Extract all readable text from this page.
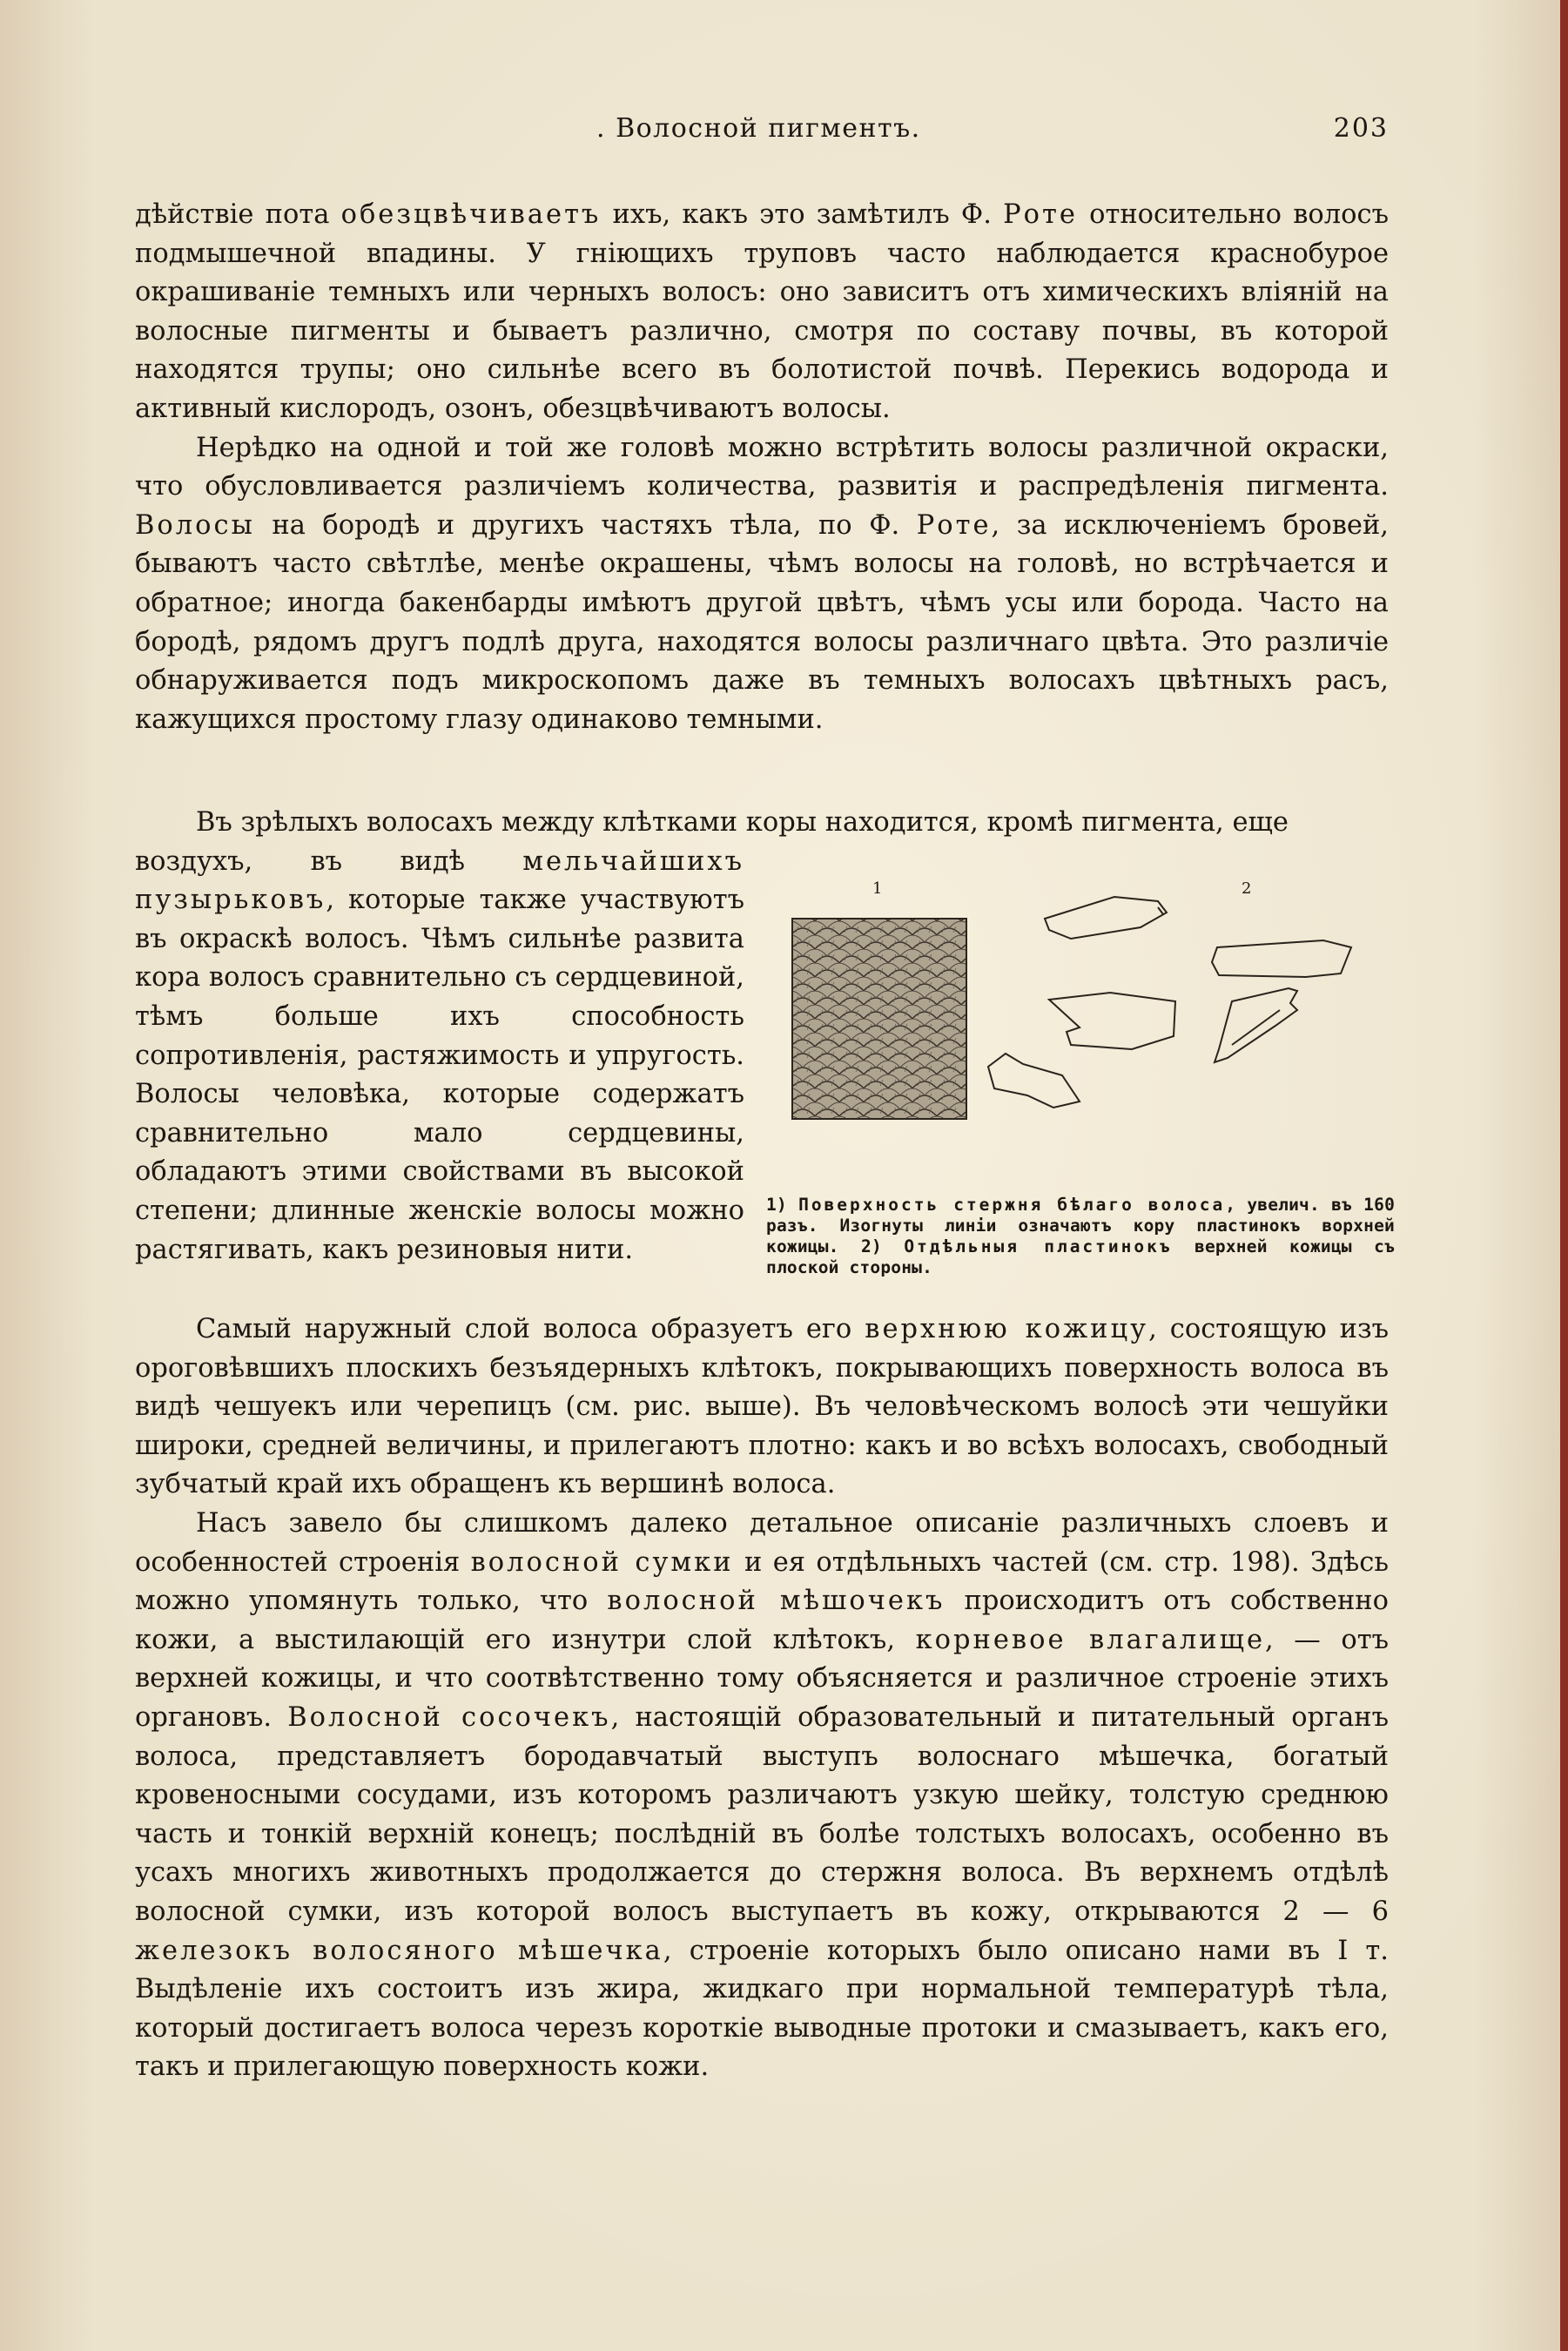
. Волосной пигментъ.	203

дѣйствіе пота обезцвѣчиваетъ ихъ, какъ это замѣтилъ Ф. Роте относительно волосъ подмышечной впадины. У гніющихъ труповъ часто наблюдается краснобурое окрашиваніе темныхъ или черныхъ волосъ: оно зависитъ отъ химическихъ вліяній на волосные пигменты и бываетъ различно, смотря по составу почвы, въ которой находятся трупы; оно сильнѣе всего въ болотистой почвѣ. Перекись водорода и активный кислородъ, озонъ, обезцвѣчиваютъ волосы.

Нерѣдко на одной и той же головѣ можно встрѣтить волосы различной окраски, что обусловливается различіемъ количества, развитія и распредѣленія пигмента. Волосы на бородѣ и другихъ частяхъ тѣла, по Ф. Роте, за исключеніемъ бровей, бываютъ часто свѣтлѣе, менѣе окрашены, чѣмъ волосы на головѣ, но встрѣчается и обратное; иногда бакенбарды имѣютъ другой цвѣтъ, чѣмъ усы или борода. Часто на бородѣ, рядомъ другъ подлѣ друга, находятся волосы различнаго цвѣта. Это различіе обнаруживается подъ микроскопомъ даже въ темныхъ волосахъ цвѣтныхъ расъ, кажущихся простому глазу одинаково темными.

Въ зрѣлыхъ волосахъ между клѣтками коры находится, кромѣ пигмента, еще

воздухъ, въ видѣ мельчайшихъ пузырьковъ, которые также участвуютъ въ окраскѣ волосъ. Чѣмъ сильнѣе развита кора волосъ сравнительно съ сердцевиной, тѣмъ больше ихъ способность сопротивленія, растяжимость и упругость. Волосы человѣка, которые содержатъ сравнительно мало сердцевины, обладаютъ этими свойствами въ высокой степени; длинные женскіе волосы можно растягивать, какъ резиновыя нити.
1	2
1) Поверхность стержня бѣлаго волоса, увелич. въ 160 разъ. Изогнуты линіи означаютъ кору пластинокъ ворхней кожицы. 2) Отдѣльныя пластинокъ верхней кожицы съ плоской стороны.

Самый наружный слой волоса образуетъ его верхнюю кожицу, состоящую изъ ороговѣвшихъ плоскихъ безъядерныхъ клѣтокъ, покрывающихъ поверхность волоса въ видѣ чешуекъ или черепицъ (см. рис. выше). Въ человѣческомъ волосѣ эти чешуйки широки, средней величины, и прилегаютъ плотно: какъ и во всѣхъ волосахъ, свободный зубчатый край ихъ обращенъ къ вершинѣ волоса.

Насъ завело бы слишкомъ далеко детальное описаніе различныхъ слоевъ и особенностей строенія волосной сумки и ея отдѣльныхъ частей (см. стр. 198). Здѣсь можно упомянуть только, что волосной мѣшочекъ происходитъ отъ собственно кожи, а выстилающій его изнутри слой клѣтокъ, корневое влагалище, — отъ верхней кожицы, и что соотвѣтственно тому объясняется и различное строеніе этихъ органовъ. Волосной сосочекъ, настоящій образовательный и питательный органъ волоса, представляетъ бородавчатый выступъ волоснаго мѣшечка, богатый кровеносными сосудами, изъ которомъ различаютъ узкую шейку, толстую среднюю часть и тонкій верхній конецъ; послѣдній въ болѣе толстыхъ волосахъ, особенно въ усахъ многихъ животныхъ продолжается до стержня волоса. Въ верхнемъ отдѣлѣ волосной сумки, изъ которой волосъ выступаетъ въ кожу, открываются 2 — 6 железокъ волосяного мѣшечка, строеніе которыхъ было описано нами въ I т. Выдѣленіе ихъ состоитъ изъ жира, жидкаго при нормальной температурѣ тѣла, который достигаетъ волоса черезъ короткіе выводные протоки и смазываетъ, какъ его, такъ и прилегающую поверхность кожи.
